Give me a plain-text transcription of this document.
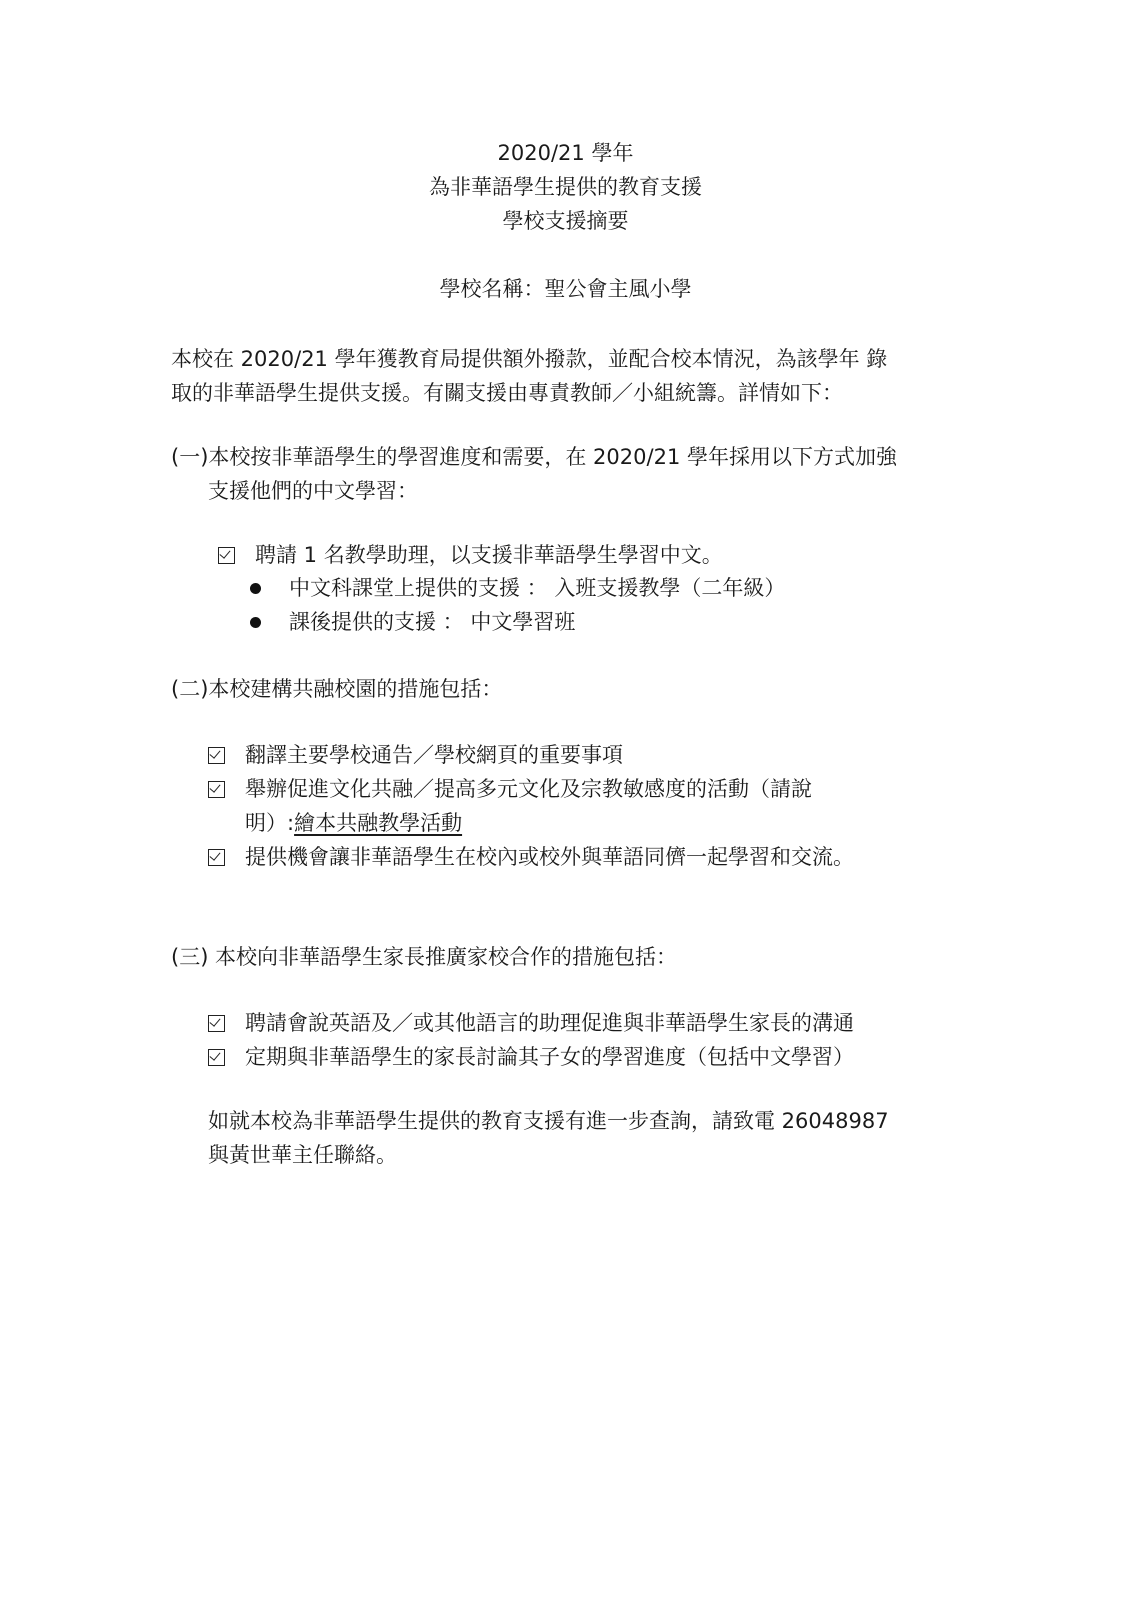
2020/21 學年
為非華語學生提供的教育支援
學校支援摘要
學校名稱：聖公會主風小學
本校在 2020/21 學年獲教育局提供額外撥款，並配合校本情況，為該學年 錄
取的非華語學生提供支援。有關支援由專責教師／小組統籌。詳情如下：
(一)本校按非華語學生的學習進度和需要，在 2020/21 學年採用以下方式加強
支援他們的中文學習：
聘請 1 名教學助理，以支援非華語學生學習中文。
中文科課堂上提供的支援 ： 入班支援教學（二年級）
課後提供的支援 ： 中文學習班
(二)本校建構共融校園的措施包括：
翻譯主要學校通告／學校網頁的重要事項
舉辦促進文化共融／提高多元文化及宗教敏感度的活動（請說
明）:繪本共融教學活動
提供機會讓非華語學生在校內或校外與華語同儕一起學習和交流。
(三) 本校向非華語學生家長推廣家校合作的措施包括：
聘請會說英語及／或其他語言的助理促進與非華語學生家長的溝通
定期與非華語學生的家長討論其子女的學習進度（包括中文學習）
如就本校為非華語學生提供的教育支援有進一步查詢，請致電 26048987
與黃世華主任聯絡。
